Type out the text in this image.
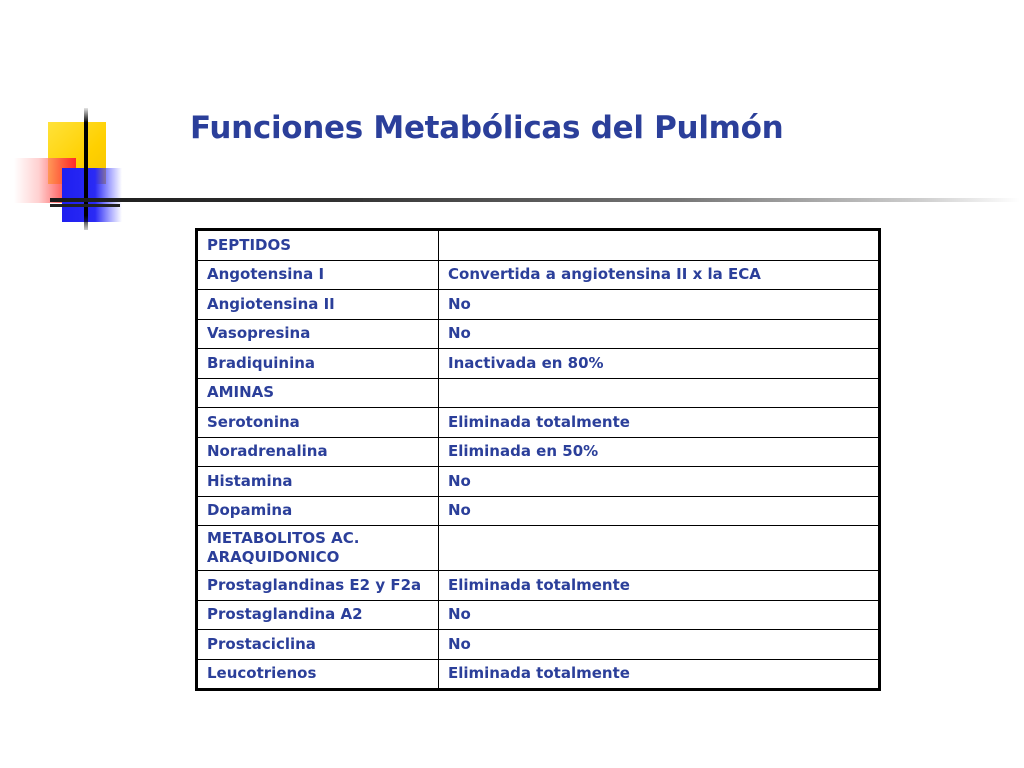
Funciones Metabólicas del Pulmón
PEPTIDOS	
Angotensina I	Convertida a angiotensina II x la ECA
Angiotensina II	No
Vasopresina	No
Bradiquinina	Inactivada en 80%
AMINAS	
Serotonina	Eliminada totalmente
Noradrenalina	Eliminada en 50%
Histamina	No
Dopamina	No
METABOLITOS AC. ARAQUIDONICO	
Prostaglandinas E2 y F2a	Eliminada totalmente
Prostaglandina A2	No
Prostaciclina	No
Leucotrienos	Eliminada totalmente
